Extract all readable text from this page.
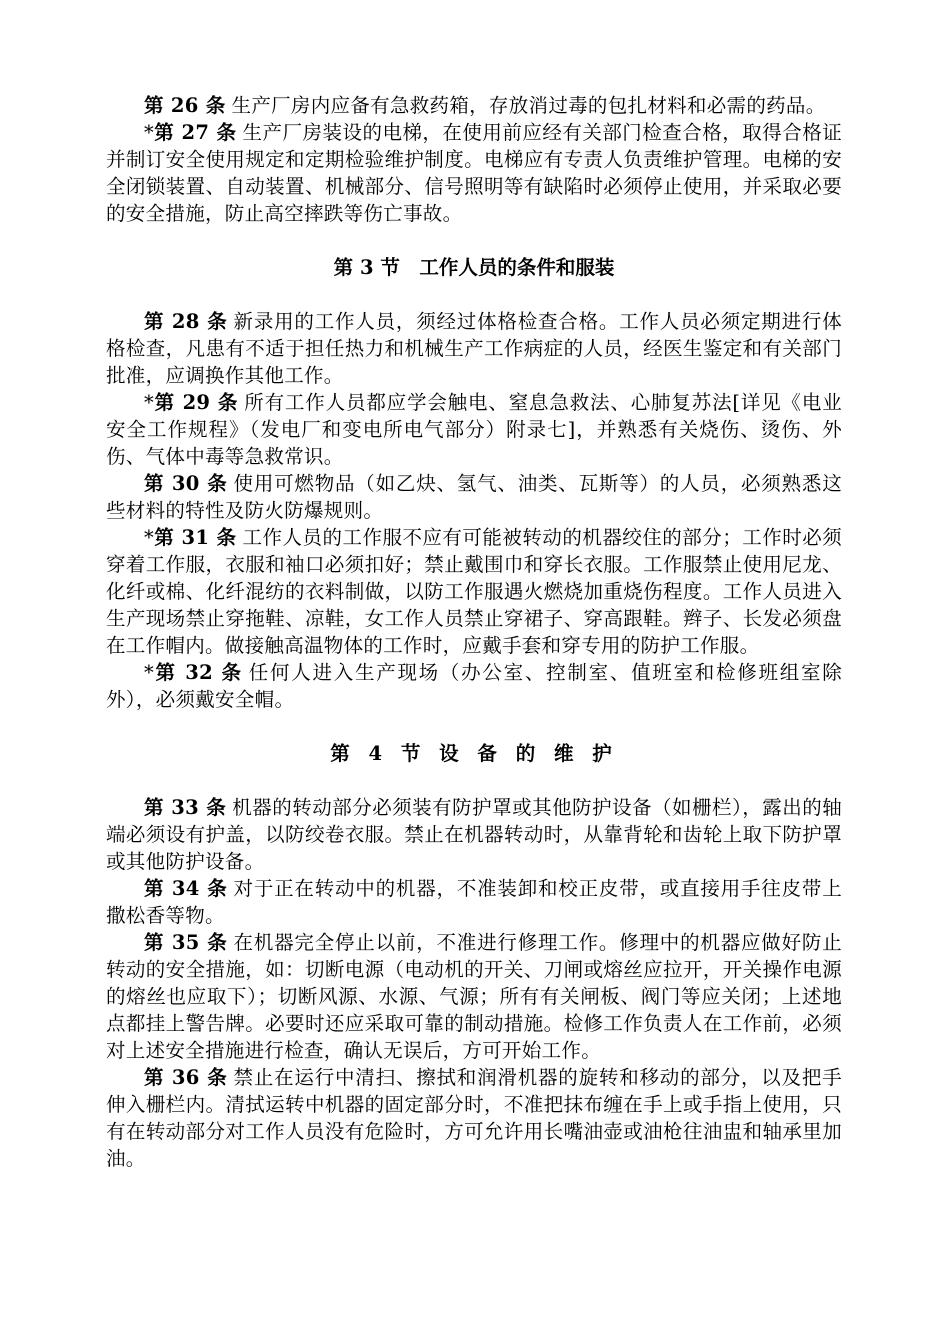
第 26 条 生产厂房内应备有急救药箱，存放消过毒的包扎材料和必需的药品。

*第 27 条 生产厂房装设的电梯，在使用前应经有关部门检查合格，取得合格证并制订安全使用规定和定期检验维护制度。电梯应有专责人负责维护管理。电梯的安全闭锁装置、自动装置、机械部分、信号照明等有缺陷时必须停止使用，并采取必要的安全措施，防止高空摔跌等伤亡事故。

第 3 节　工作人员的条件和服装

第 28 条 新录用的工作人员，须经过体格检查合格。工作人员必须定期进行体格检查，凡患有不适于担任热力和机械生产工作病症的人员，经医生鉴定和有关部门批准，应调换作其他工作。

*第 29 条 所有工作人员都应学会触电、窒息急救法、心肺复苏法[详见《电业安全工作规程》（发电厂和变电所电气部分）附录七]，并熟悉有关烧伤、烫伤、外伤、气体中毒等急救常识。

第 30 条 使用可燃物品（如乙炔、氢气、油类、瓦斯等）的人员，必须熟悉这些材料的特性及防火防爆规则。

*第 31 条 工作人员的工作服不应有可能被转动的机器绞住的部分；工作时必须穿着工作服，衣服和袖口必须扣好；禁止戴围巾和穿长衣服。工作服禁止使用尼龙、化纤或棉、化纤混纺的衣料制做，以防工作服遇火燃烧加重烧伤程度。工作人员进入生产现场禁止穿拖鞋、凉鞋，女工作人员禁止穿裙子、穿高跟鞋。辫子、长发必须盘在工作帽内。做接触高温物体的工作时，应戴手套和穿专用的防护工作服。

*第 32 条 任何人进入生产现场（办公室、控制室、值班室和检修班组室除外），必须戴安全帽。

第 4 节 设 备 的 维 护

第 33 条 机器的转动部分必须装有防护罩或其他防护设备（如栅栏），露出的轴端必须设有护盖，以防绞卷衣服。禁止在机器转动时，从靠背轮和齿轮上取下防护罩或其他防护设备。

第 34 条 对于正在转动中的机器，不准装卸和校正皮带，或直接用手往皮带上撒松香等物。

第 35 条 在机器完全停止以前，不准进行修理工作。修理中的机器应做好防止转动的安全措施，如：切断电源（电动机的开关、刀闸或熔丝应拉开，开关操作电源的熔丝也应取下）；切断风源、水源、气源；所有有关闸板、阀门等应关闭；上述地点都挂上警告牌。必要时还应采取可靠的制动措施。检修工作负责人在工作前，必须对上述安全措施进行检查，确认无误后，方可开始工作。

第 36 条 禁止在运行中清扫、擦拭和润滑机器的旋转和移动的部分，以及把手伸入栅栏内。清拭运转中机器的固定部分时，不准把抹布缠在手上或手指上使用，只有在转动部分对工作人员没有危险时，方可允许用长嘴油壶或油枪往油盅和轴承里加油。
